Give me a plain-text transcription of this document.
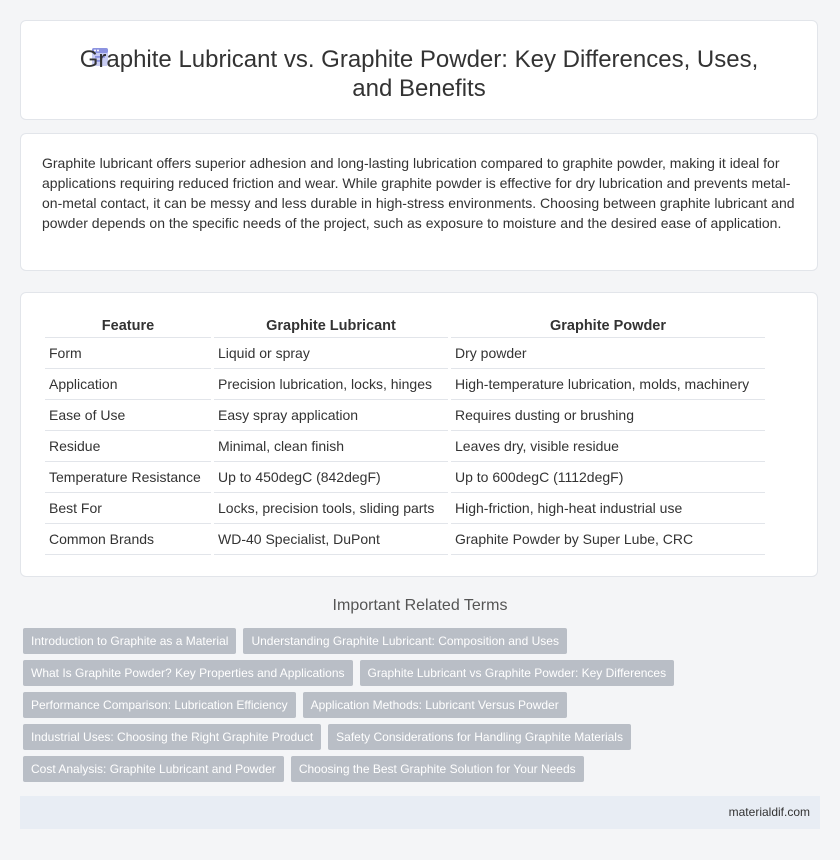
Graphite Lubricant vs. Graphite Powder: Key Differences, Uses, and Benefits

Graphite lubricant offers superior adhesion and long-lasting lubrication compared to graphite powder, making it ideal for applications requiring reduced friction and wear. While graphite powder is effective for dry lubrication and prevents metal-on-metal contact, it can be messy and less durable in high-stress environments. Choosing between graphite lubricant and powder depends on the specific needs of the project, such as exposure to moisture and the desired ease of application.

Feature	Graphite Lubricant	Graphite Powder
Form	Liquid or spray	Dry powder
Application	Precision lubrication, locks, hinges	High-temperature lubrication, molds, machinery
Ease of Use	Easy spray application	Requires dusting or brushing
Residue	Minimal, clean finish	Leaves dry, visible residue
Temperature Resistance	Up to 450degC (842degF)	Up to 600degC (1112degF)
Best For	Locks, precision tools, sliding parts	High-friction, high-heat industrial use
Common Brands	WD-40 Specialist, DuPont	Graphite Powder by Super Lube, CRC
Important Related Terms
Introduction to Graphite as a Material	Understanding Graphite Lubricant: Composition and Uses
What Is Graphite Powder? Key Properties and Applications	Graphite Lubricant vs Graphite Powder: Key Differences
Performance Comparison: Lubrication Efficiency	Application Methods: Lubricant Versus Powder
Industrial Uses: Choosing the Right Graphite Product	Safety Considerations for Handling Graphite Materials
Cost Analysis: Graphite Lubricant and Powder	Choosing the Best Graphite Solution for Your Needs
materialdif.com
